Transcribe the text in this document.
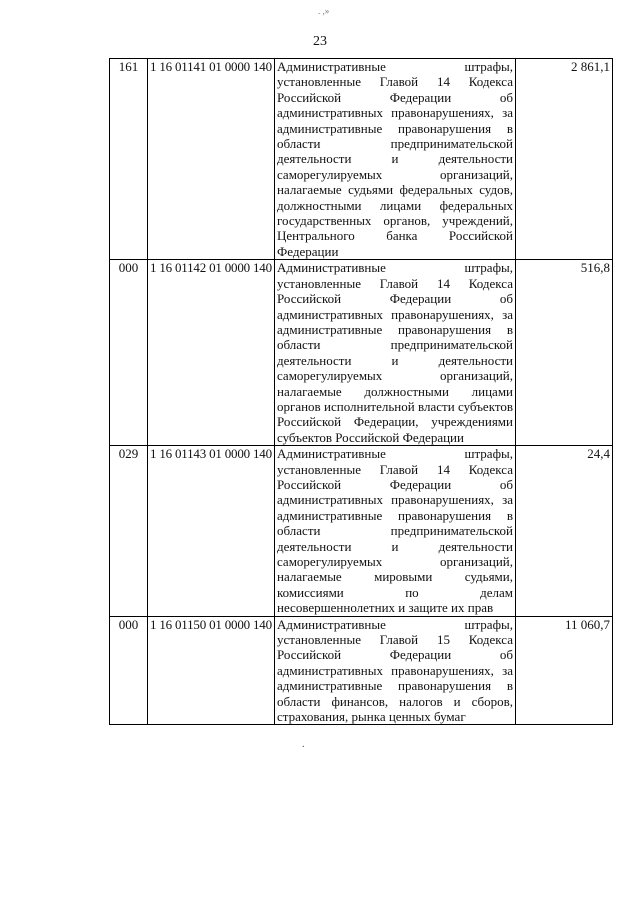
. ,»
23
161	1 16 01141 01 0000 140	Административные штрафы, установленные Главой 14 Кодекса Российской Федерации об административных правонарушениях, за административные правонарушения в области предпринимательской деятельности и деятельности саморегулируемых организаций, налагаемые судьями федеральных судов, должностными лицами федеральных государственных органов, учреждений, Центрального банка Российской Федерации	2 861,1
000	1 16 01142 01 0000 140	Административные штрафы, установленные Главой 14 Кодекса Российской Федерации об административных правонарушениях, за административные правонарушения в области предпринимательской деятельности и деятельности саморегулируемых организаций, налагаемые должностными лицами органов исполнительной власти субъектов Российской Федерации, учреждениями субъектов Российской Федерации	516,8
029	1 16 01143 01 0000 140	Административные штрафы, установленные Главой 14 Кодекса Российской Федерации об административных правонарушениях, за административные правонарушения в области предпринимательской деятельности и деятельности саморегулируемых организаций, налагаемые мировыми судьями, комиссиями по делам несовершеннолетних и защите их прав	24,4
000	1 16 01150 01 0000 140	Административные штрафы, установленные Главой 15 Кодекса Российской Федерации об административных правонарушениях, за административные правонарушения в области финансов, налогов и сборов, страхования, рынка ценных бумаг	11 060,7
.
